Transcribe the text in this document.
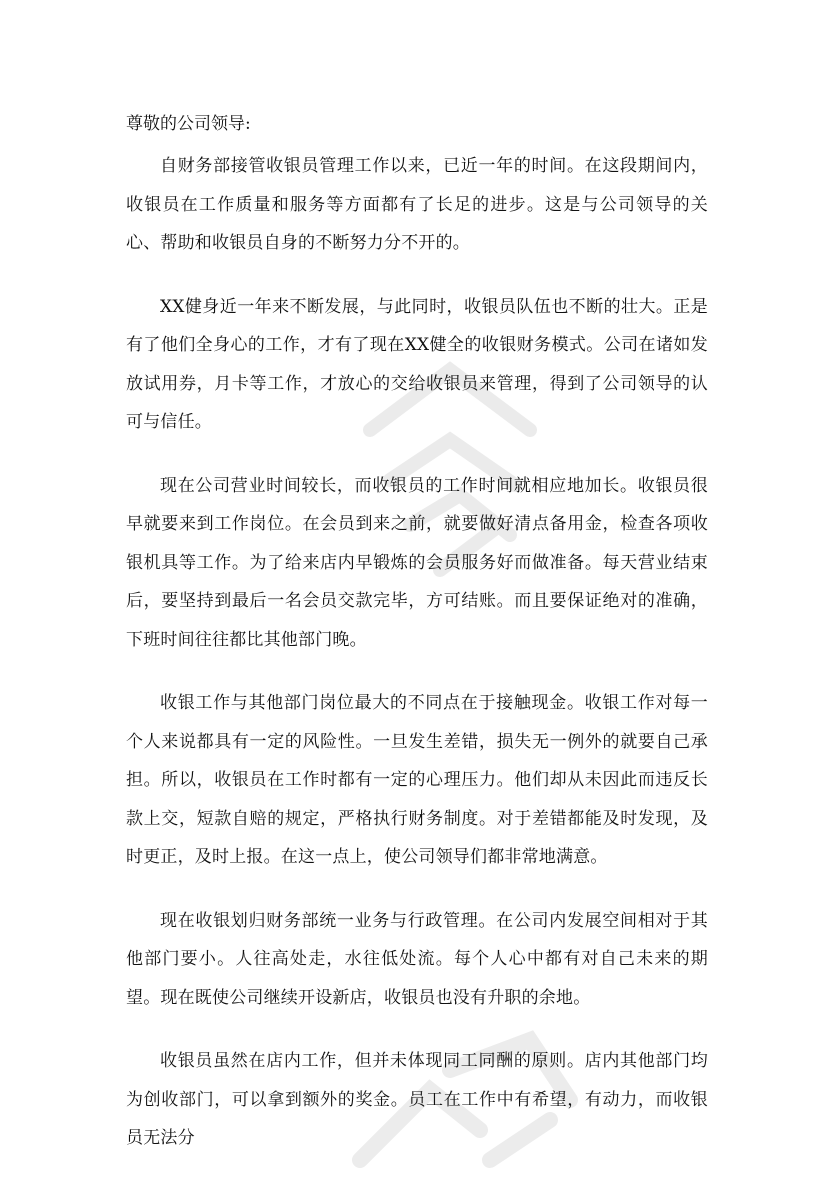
尊敬的公司领导:

自财务部接管收银员管理工作以来，已近一年的时间。在这段期间内，收银员在工作质量和服务等方面都有了长足的进步。这是与公司领导的关心、帮助和收银员自身的不断努力分不开的。

XX健身近一年来不断发展，与此同时，收银员队伍也不断的壮大。正是有了他们全身心的工作，才有了现在XX健全的收银财务模式。公司在诸如发放试用券，月卡等工作，才放心的交给收银员来管理，得到了公司领导的认可与信任。

现在公司营业时间较长，而收银员的工作时间就相应地加长。收银员很早就要来到工作岗位。在会员到来之前，就要做好清点备用金，检查各项收银机具等工作。为了给来店内早锻炼的会员服务好而做准备。每天营业结束后，要坚持到最后一名会员交款完毕，方可结账。而且要保证绝对的准确，下班时间往往都比其他部门晚。

收银工作与其他部门岗位最大的不同点在于接触现金。收银工作对每一个人来说都具有一定的风险性。一旦发生差错，损失无一例外的就要自己承担。所以，收银员在工作时都有一定的心理压力。他们却从未因此而违反长款上交，短款自赔的规定，严格执行财务制度。对于差错都能及时发现，及时更正，及时上报。在这一点上，使公司领导们都非常地满意。

现在收银划归财务部统一业务与行政管理。在公司内发展空间相对于其他部门要小。人往高处走，水往低处流。每个人心中都有对自己未来的期望。现在既使公司继续开设新店，收银员也没有升职的余地。

收银员虽然在店内工作，但并未体现同工同酬的原则。店内其他部门均为创收部门，可以拿到额外的奖金。员工在工作中有希望，有动力，而收银员无法分
